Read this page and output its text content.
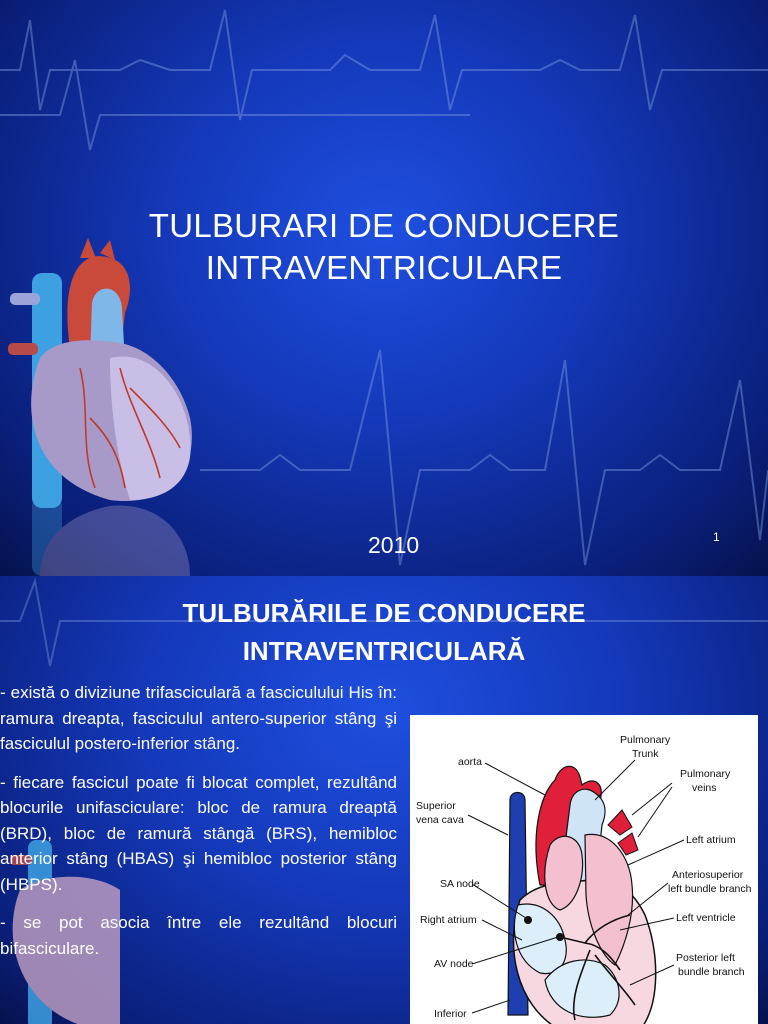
TULBURARI DE CONDUCERE
INTRAVENTRICULARE
2010	1
TULBURĂRILE DE CONDUCERE
INTRAVENTRICULARĂ

- există o diviziune trifasciculară a fasciculului His în: ramura dreapta, fasciculul antero-superior stâng şi fasciculul postero-inferior stâng.

- fiecare fascicul poate fi blocat complet, rezultând blocurile unifasciculare: bloc de ramura dreaptă (BRD), bloc de ramură stângă (BRS), hemibloc anterior stâng (HBAS) şi hemibloc posterior stâng (HBPS).

- se pot asocia între ele rezultând blocuri bifasciculare.

aorta
Pulmonary
Trunk
Pulmonary
veins
Superior
vena cava
Left atrium
Anteriosuperior
left bundle branch
SA node
Left ventricle
Right atrium
Posterior left
bundle branch
AV node
Inferior
